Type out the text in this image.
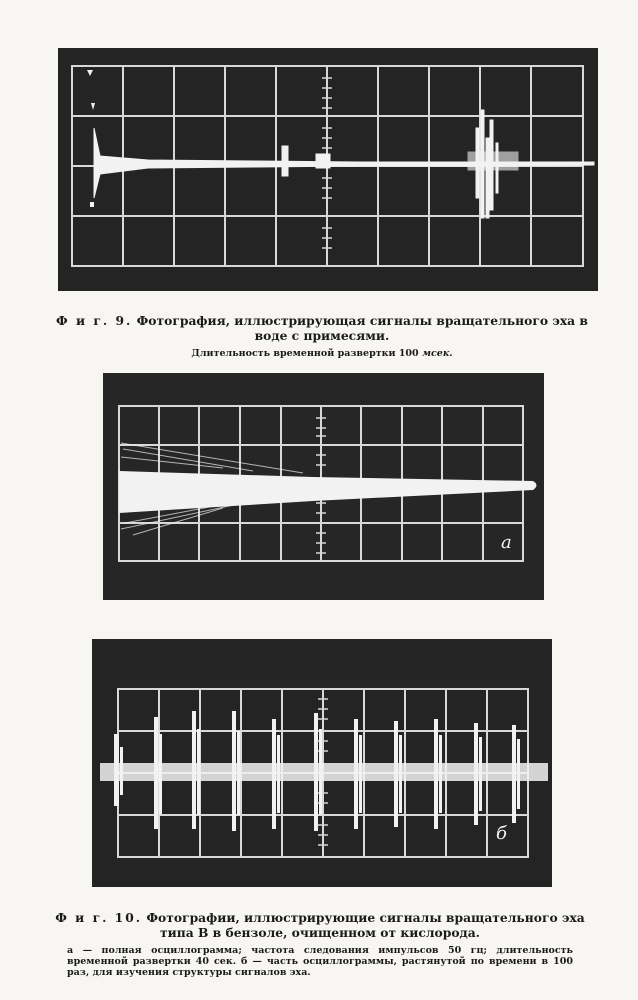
Ф и г. 9. Фотография, иллюстрирующая сигналы вращательного эха в воде с примесями.
Длительность временной развертки 100 мсек.
а
б
Ф и г. 10. Фотографии, иллюстрирующие сигналы вращательного эха типа B в бензоле, очищенном от кислорода.
а — полная осциллограмма; частота следования импульсов 50 гц; длительность временной развертки 40 сек. б — часть осциллограммы, растянутой по времени в 100 раз, для изучения структуры сигналов эха.
